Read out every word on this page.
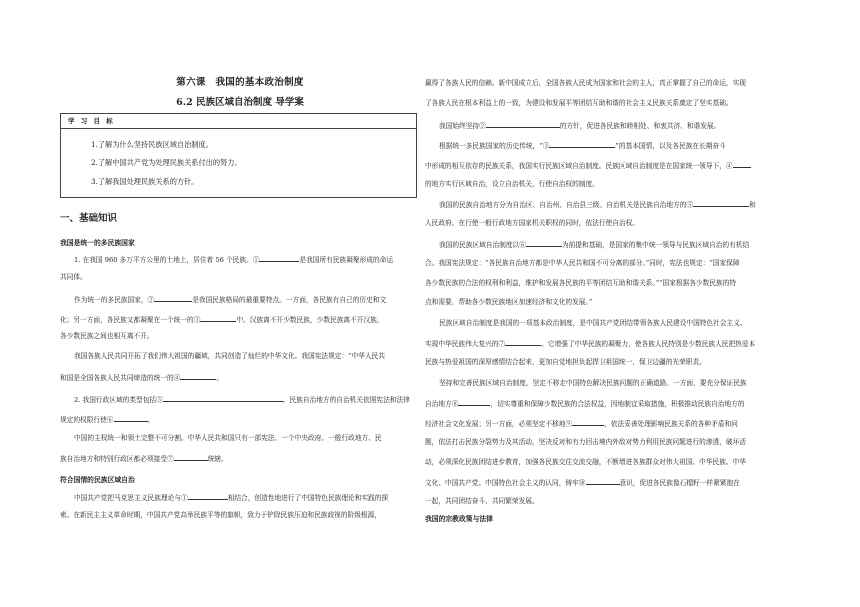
第六课　我国的基本政治制度
6.2 民族区域自治制度 导学案
学 习 目 标
1.了解为什么坚持民族区域自治制度。
2.了解中国共产党为处理民族关系付出的努力。
3.了解我国处理民族关系的方针。
一、基础知识
我国是统一的多民族国家
1. 在我国 960 多万平方公里的土地上，居住着 56 个民族。①	是我国所有民族凝聚形成的命运
共同体。
作为统一的多民族国家，②	是我国民族格局的最重要特点。一方面，各民族有自己的历史和文
化；另一方面，各民族又都凝聚在一个统一的③	中。汉族离不开少数民族，少数民族离不开汉族，
各少数民族之间也相互离不开。
我国各族人民共同开拓了我们伟大祖国的疆域，共同创造了灿烂的中华文化。我国宪法规定：“中华人民共
和国是全国各族人民共同缔造的统一的④	。
2. 我国行政区域的类型包括⑤	。民族自治地方的自治机关依照宪法和法律
规定的权限行使⑥	。
中国的主权统一和领土完整不可分割。中华人民共和国只有一部宪法、一个中央政府。一般行政地方、民
族自治地方和特别行政区都必须接受⑦	统辖。
符合国情的民族区域自治
中国共产党把马克思主义民族理论与①	相结合，创造性地进行了中国特色民族理论和实践的探
索。在新民主主义革命时期，中国共产党高举民族平等的旗帜，致力于铲除民族压迫和民族歧视的阶级根源，
赢得了各族人民的信赖。新中国成立后，全国各族人民成为国家和社会的主人，真正掌握了自己的命运，实现
了各族人民在根本利益上的一致，为建设和发展平等团结互助和谐的社会主义民族关系奠定了坚实基础。
我国始终坚持②	的方针，促进各民族和睦相处、和衷共济、和谐发展。
根据统一多民族国家的历史传统，“③	”的基本国情，以及各民族在长期奋斗
中形成的相互依存的民族关系，我国实行民族区域自治制度。民族区域自治制度是在国家统一领导下，④
的地方实行区域自治，设立自治机关，行使自治权的制度。
我国的民族自治地方分为自治区、自治州、自治县三级。自治机关是民族自治地方的⑤	和
人民政府。在行使一般行政地方国家机关职权的同时，依法行使自治权。
我国的民族区域自治制度以⑥	为前提和基础，是国家的集中统一领导与民族区域自治的有机结
合。我国宪法规定：“各民族自治地方都是中华人民共和国不可分离的部分。”同时，宪法也规定：“国家保障
各少数民族的合法的权利和利益，维护和发展各民族的平等团结互助和谐关系。”“国家根据各少数民族的特
点和需要，帮助各少数民族地区加速经济和文化的发展。”
民族区域自治制度是我国的一项基本政治制度，是中国共产党团结带领各族人民建设中国特色社会主义、
实现中华民族伟大复兴的⑦	。它增强了中华民族的凝聚力，使各族人民特别是少数民族人民把热爱本
民族与热爱祖国的深厚感情结合起来，更加自觉地担负起捍卫祖国统一，保卫边疆的光荣职责。
坚持和完善民族区域自治制度，坚定不移走中国特色解决民族问题的正确道路。一方面，要充分保证民族
自治地方⑧	，切实尊重和保障少数民族的合法权益，因地制宜采取措施，积极推动民族自治地方的
经济社会文化发展；另一方面，必须坚定不移地⑨	，依法妥善处理影响民族关系的各种矛盾和问
题，依法打击民族分裂势力及其活动，坚决反对和有力回击境内外敌对势力利用民族问题进行的渗透，破坏活
动，必须深化民族团结进步教育，加强各民族交往交流交融，不断增进各族群众对伟大祖国、中华民族、中华
文化、中国共产党、中国特色社会主义的认同，铸牢⑩	意识，促进各民族像石榴籽一样紧紧抱在
一起，共同团结奋斗、共同繁荣发展。
我国的宗教政策与法律
